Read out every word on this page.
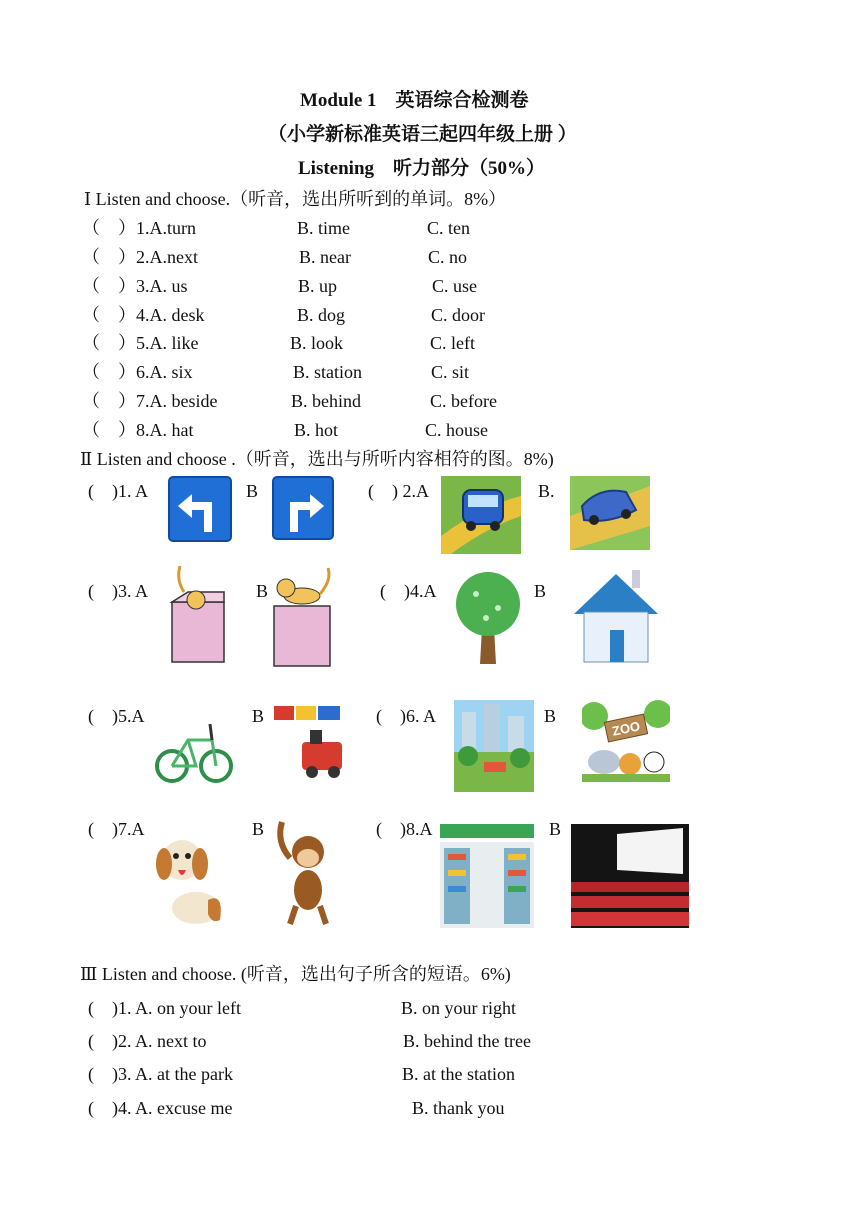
Module 1　英语综合检测卷
（小学新标准英语三起四年级上册 ）
Listening　听力部分（50%）
Ⅰ Listen and choose.（听音，选出所听到的单词。8%）
（　）1.A.turn	B. time	C. ten
（　）2.A.next	B. near	C. no
（　）3.A. us	B. up	C. use
（　）4.A. desk	B. dog	C. door
（　）5.A. like	B. look	C. left
（　）6.A. six	B. station	C. sit
（　）7.A. beside	B. behind	C. before
（　）8.A. hat	B. hot	C. house
Ⅱ Listen and choose .（听音，选出与所听内容相符的图。8%)
(　)1. A	B	(　) 2.A	B.
(　)3. A	B	(　)4.A	B
(　)5.A	B	(　)6. A	B
ZOO
(　)7.A	B	(　)8.A	B
Ⅲ Listen and choose. (听音，选出句子所含的短语。6%)
(　)1. A. on your left	B. on your right
(　)2. A. next to	B. behind the tree
(　)3. A. at the park	B. at the station
(　)4. A. excuse me	B. thank you
